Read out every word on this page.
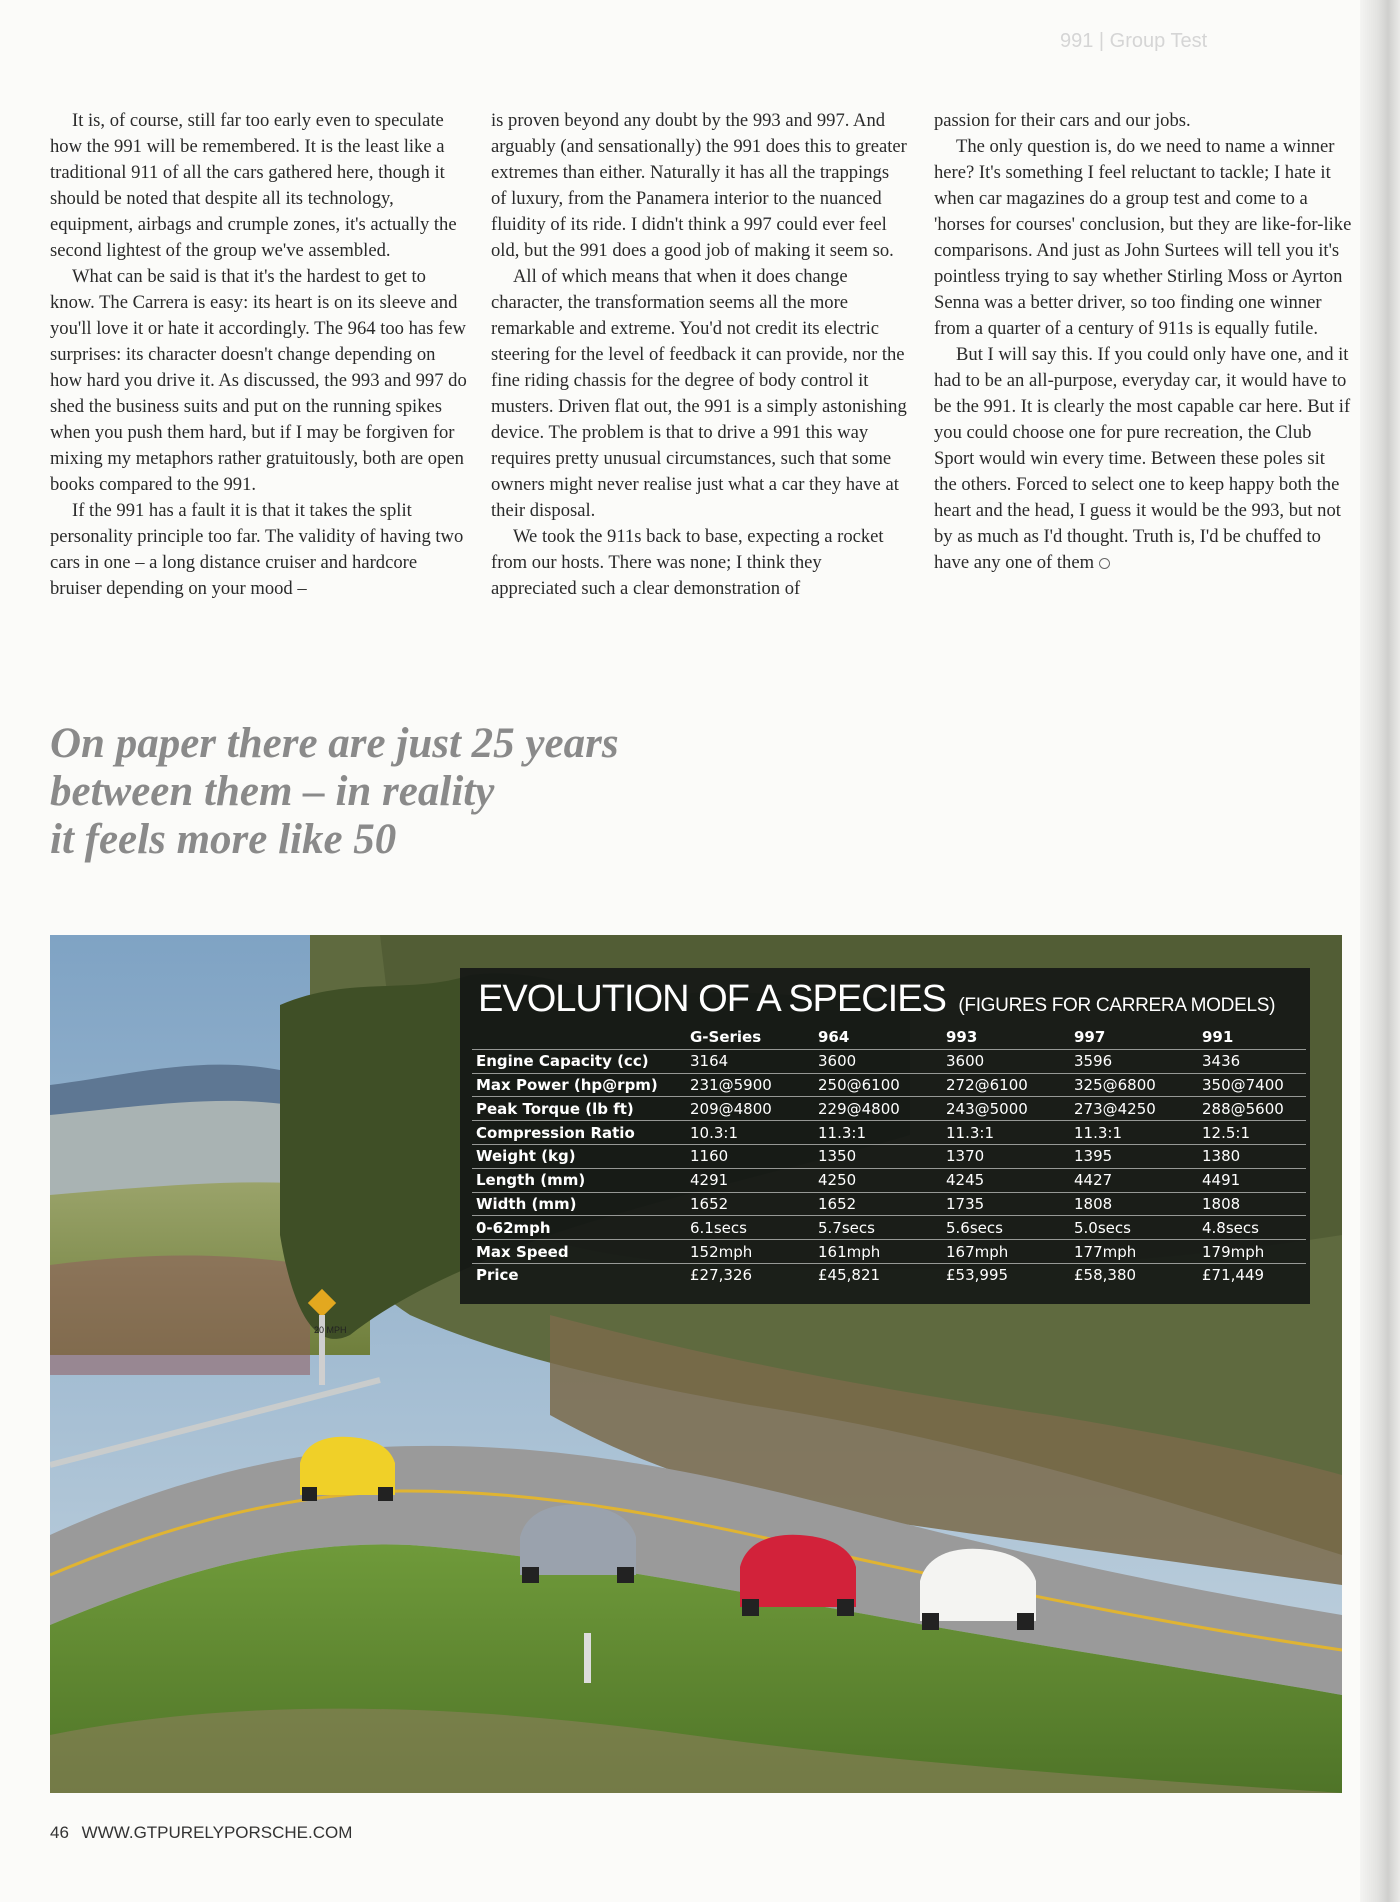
991 | Group Test

It is, of course, still far too early even to speculate how the 991 will be remembered. It is the least like a traditional 911 of all the cars gathered here, though it should be noted that despite all its technology, equipment, airbags and crumple zones, it's actually the second lightest of the group we've assembled.

What can be said is that it's the hardest to get to know. The Carrera is easy: its heart is on its sleeve and you'll love it or hate it accordingly. The 964 too has few surprises: its character doesn't change depending on how hard you drive it. As discussed, the 993 and 997 do shed the business suits and put on the running spikes when you push them hard, but if I may be forgiven for mixing my metaphors rather gratuitously, both are open books compared to the 991.

If the 991 has a fault it is that it takes the split personality principle too far. The validity of having two cars in one – a long distance cruiser and hardcore bruiser depending on your mood –

is proven beyond any doubt by the 993 and 997. And arguably (and sensationally) the 991 does this to greater extremes than either. Naturally it has all the trappings of luxury, from the Panamera interior to the nuanced fluidity of its ride. I didn't think a 997 could ever feel old, but the 991 does a good job of making it seem so.

All of which means that when it does change character, the transformation seems all the more remarkable and extreme. You'd not credit its electric steering for the level of feedback it can provide, nor the fine riding chassis for the degree of body control it musters. Driven flat out, the 991 is a simply astonishing device. The problem is that to drive a 991 this way requires pretty unusual circumstances, such that some owners might never realise just what a car they have at their disposal.

We took the 911s back to base, expecting a rocket from our hosts. There was none; I think they appreciated such a clear demonstration of

passion for their cars and our jobs.

The only question is, do we need to name a winner here? It's something I feel reluctant to tackle; I hate it when car magazines do a group test and come to a 'horses for courses' conclusion, but they are like-for-like comparisons. And just as John Surtees will tell you it's pointless trying to say whether Stirling Moss or Ayrton Senna was a better driver, so too finding one winner from a quarter of a century of 911s is equally futile.

But I will say this. If you could only have one, and it had to be an all-purpose, everyday car, it would have to be the 991. It is clearly the most capable car here. But if you could choose one for pure recreation, the Club Sport would win every time. Between these poles sit the others. Forced to select one to keep happy both the heart and the head, I guess it would be the 993, but not by as much as I'd thought. Truth is, I'd be chuffed to have any one of them

On paper there are just 25 years
between them – in reality
it feels more like 50
20 MPH
EVOLUTION OF A SPECIES (FIGURES FOR CARRERA MODELS)
	G-Series	964	993	997	991
Engine Capacity (cc)	3164	3600	3600	3596	3436
Max Power (hp@rpm)	231@5900	250@6100	272@6100	325@6800	350@7400
Peak Torque (lb ft)	209@4800	229@4800	243@5000	273@4250	288@5600
Compression Ratio	10.3:1	11.3:1	11.3:1	11.3:1	12.5:1
Weight (kg)	1160	1350	1370	1395	1380
Length (mm)	4291	4250	4245	4427	4491
Width (mm)	1652	1652	1735	1808	1808
0-62mph	6.1secs	5.7secs	5.6secs	5.0secs	4.8secs
Max Speed	152mph	161mph	167mph	177mph	179mph
Price	£27,326	£45,821	£53,995	£58,380	£71,449
46 WWW.GTPURELYPORSCHE.COM
